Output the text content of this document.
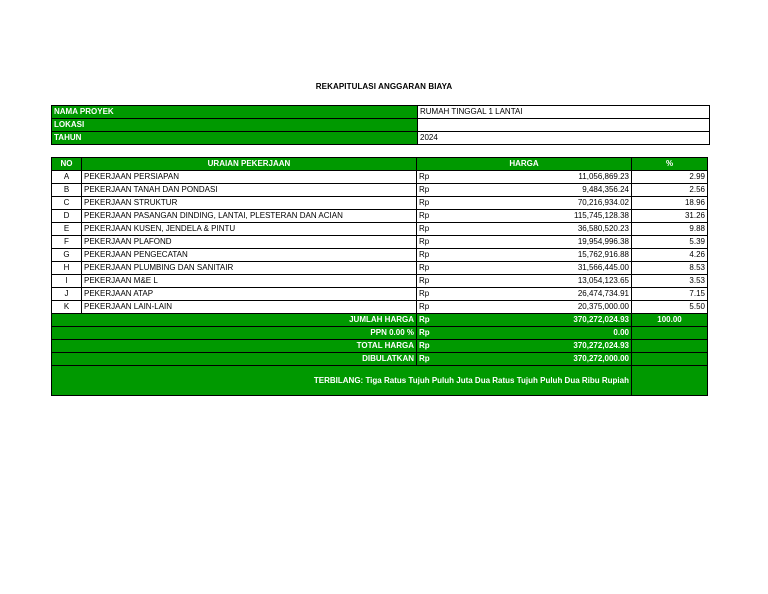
REKAPITULASI ANGGARAN BIAYA
NAMA PROYEK	RUMAH TINGGAL 1 LANTAI
LOKASI	
TAHUN	2024
NO	URAIAN PEKERJAAN	HARGA		%
A	PEKERJAAN PERSIAPAN	Rp	11,056,869.23	2.99
B	PEKERJAAN TANAH DAN PONDASI	Rp	9,484,356.24	2.56
C	PEKERJAAN STRUKTUR	Rp	70,216,934.02	18.96
D	PEKERJAAN PASANGAN DINDING, LANTAI, PLESTERAN DAN ACIAN	Rp	115,745,128.38	31.26
E	PEKERJAAN KUSEN, JENDELA & PINTU	Rp	36,580,520.23	9.88
F	PEKERJAAN PLAFOND	Rp	19,954,996.38	5.39
G	PEKERJAAN PENGECATAN	Rp	15,762,916.88	4.26
H	PEKERJAAN PLUMBING DAN SANITAIR	Rp	31,566,445.00	8.53
I	PEKERJAAN M&E L	Rp	13,054,123.65	3.53
J	PEKERJAAN ATAP	Rp	26,474,734.91	7.15
K	PEKERJAAN LAIN-LAIN	Rp	20,375,000.00	5.50
JUMLAH HARGA		Rp	370,272,024.93	100.00
PPN 0.00 %		Rp	0.00	
TOTAL HARGA		Rp	370,272,024.93	
DIBULATKAN		Rp	370,272,000.00	
TERBILANG: Tiga Ratus Tujuh Puluh Juta Dua Ratus Tujuh Puluh Dua Ribu Rupiah				
